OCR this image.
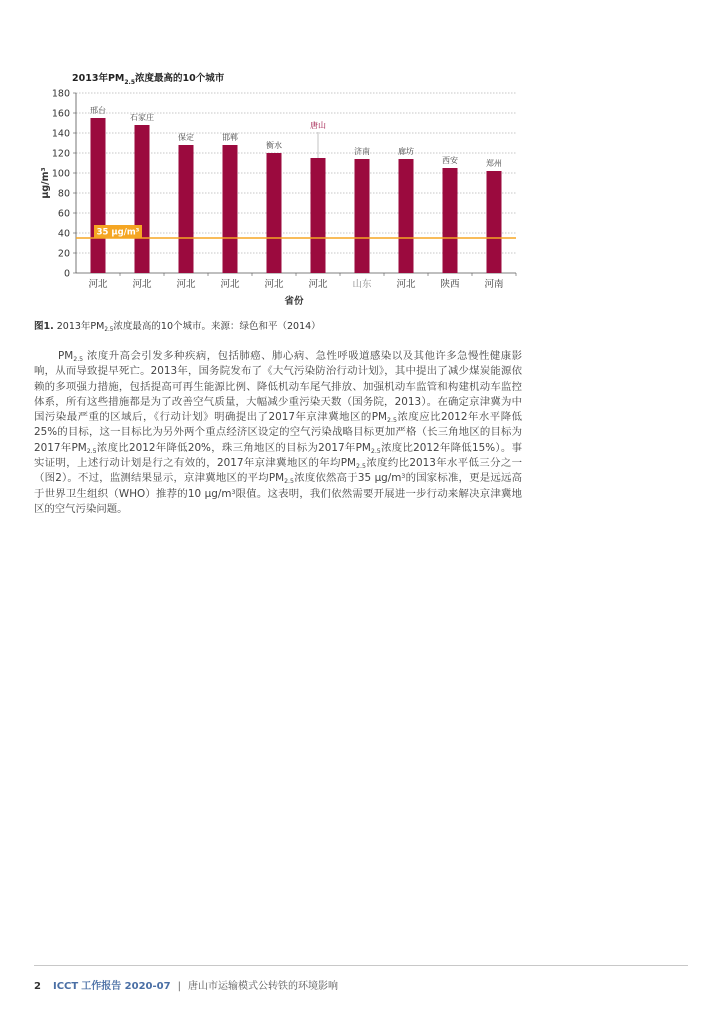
2013年$PM_{2.5}$浓度最高的10个城市
0
20
40
60
80
100
120
140
160
180
邢台
河北
石家庄
河北
保定
河北
邯郸
河北
衡水
河北
唐山
河北
济南
山东
廊坊
河北
西安
陕西
郑州
河南
35 μg/m³
μg/m³
省份
图1. 2013年$PM_{2.5}$浓度最高的10个城市。来源：绿色和平（2014）
$PM_{2.5}$ 浓度升高会引发多种疾病，包括肺癌、肺心病、急性呼吸道感染以及其他许多急慢性健康影响，从而导致提早死亡。2013年，国务院发布了《大气污染防治行动计划》，其中提出了减少煤炭能源依赖的多项强力措施，包括提高可再生能源比例、降低机动车尾气排放、加强机动车监管和构建机动车监控体系，所有这些措施都是为了改善空气质量，大幅减少重污染天数（国务院，2013）。在确定京津冀为中国污染最严重的区域后，《行动计划》明确提出了2017年京津冀地区的$PM_{2.5}$浓度应比2012年水平降低25%的目标，这一目标比为另外两个重点经济区设定的空气污染战略目标更加严格（长三角地区的目标为2017年$PM_{2.5}$浓度比2012年降低20%，珠三角地区的目标为2017年$PM_{2.5}$浓度比2012年降低15%）。事实证明，上述行动计划是行之有效的，2017年京津冀地区的年均$PM_{2.5}$浓度约比2013年水平低三分之一（图2）。不过，监测结果显示，京津冀地区的平均$PM_{2.5}$浓度依然高于35 $\mu g/m^3$的国家标准，更是远远高于世界卫生组织（WHO）推荐的10 $\mu g/m^3$限值。这表明，我们依然需要开展进一步行动来解决京津冀地区的空气污染问题。
2 ICCT 工作报告 2020-07 | 唐山市运输模式公转铁的环境影响
